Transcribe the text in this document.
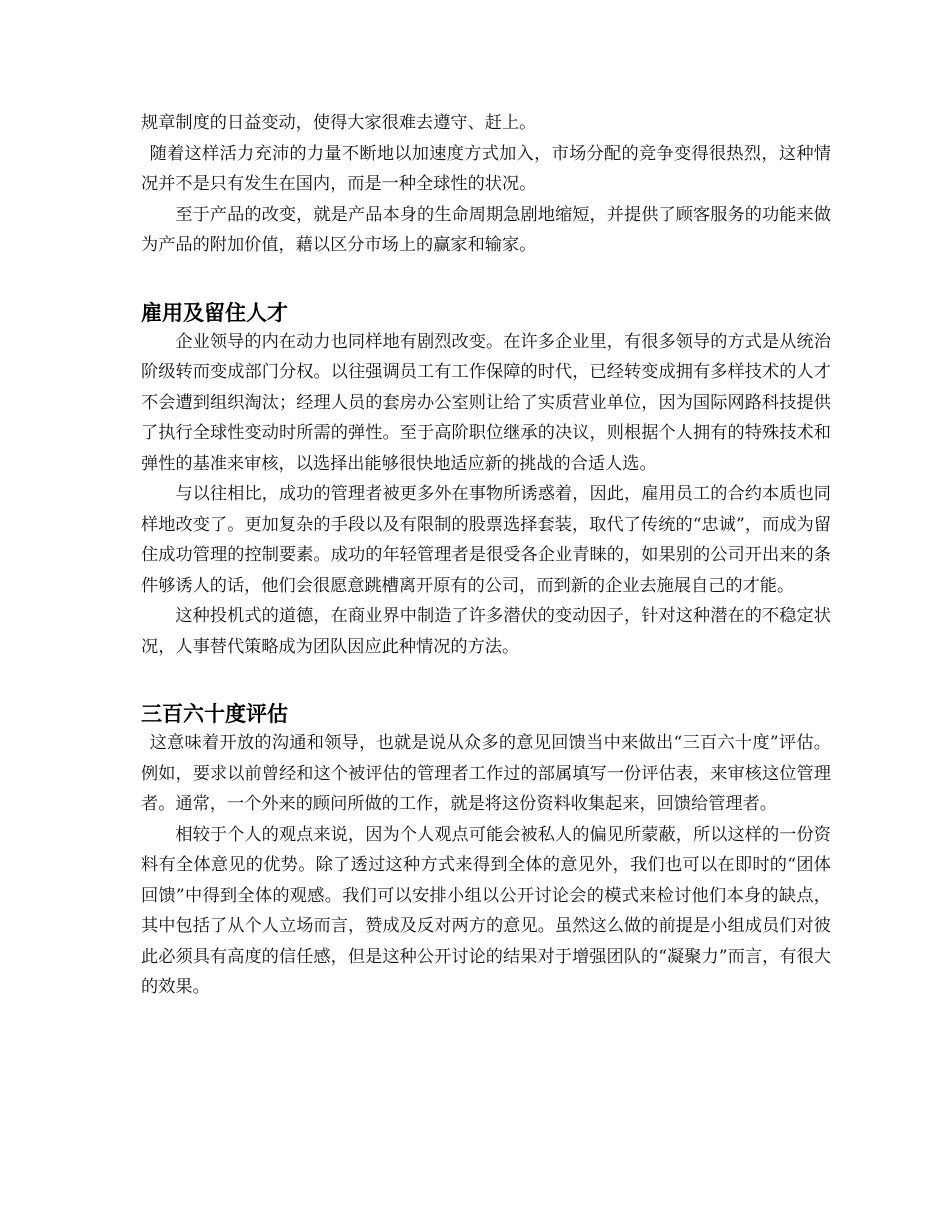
规章制度的日益变动，使得大家很难去遵守、赶上。

随着这样活力充沛的力量不断地以加速度方式加入，市场分配的竞争变得很热烈，这种情况并不是只有发生在国内，而是一种全球性的状况。

至于产品的改变，就是产品本身的生命周期急剧地缩短，并提供了顾客服务的功能来做为产品的附加价值，藉以区分市场上的赢家和输家。

雇用及留住人才

企业领导的内在动力也同样地有剧烈改变。在许多企业里，有很多领导的方式是从统治阶级转而变成部门分权。以往强调员工有工作保障的时代，已经转变成拥有多样技术的人才不会遭到组织淘汰；经理人员的套房办公室则让给了实质营业单位，因为国际网路科技提供了执行全球性变动时所需的弹性。至于高阶职位继承的决议，则根据个人拥有的特殊技术和弹性的基准来审核，以选择出能够很快地适应新的挑战的合适人选。

与以往相比，成功的管理者被更多外在事物所诱惑着，因此，雇用员工的合约本质也同样地改变了。更加复杂的手段以及有限制的股票选择套装，取代了传统的“忠诚”，而成为留住成功管理的控制要素。成功的年轻管理者是很受各企业青睐的，如果别的公司开出来的条件够诱人的话，他们会很愿意跳槽离开原有的公司，而到新的企业去施展自己的才能。

这种投机式的道德，在商业界中制造了许多潜伏的变动因子，针对这种潜在的不稳定状况，人事替代策略成为团队因应此种情况的方法。

三百六十度评估

这意味着开放的沟通和领导，也就是说从众多的意见回馈当中来做出“三百六十度”评估。例如，要求以前曾经和这个被评估的管理者工作过的部属填写一份评估表，来审核这位管理者。通常，一个外来的顾问所做的工作，就是将这份资料收集起来，回馈给管理者。

相较于个人的观点来说，因为个人观点可能会被私人的偏见所蒙蔽，所以这样的一份资料有全体意见的优势。除了透过这种方式来得到全体的意见外，我们也可以在即时的“团体回馈”中得到全体的观感。我们可以安排小组以公开讨论会的模式来检讨他们本身的缺点，其中包括了从个人立场而言，赞成及反对两方的意见。虽然这么做的前提是小组成员们对彼此必须具有高度的信任感，但是这种公开讨论的结果对于增强团队的“凝聚力”而言，有很大的效果。
